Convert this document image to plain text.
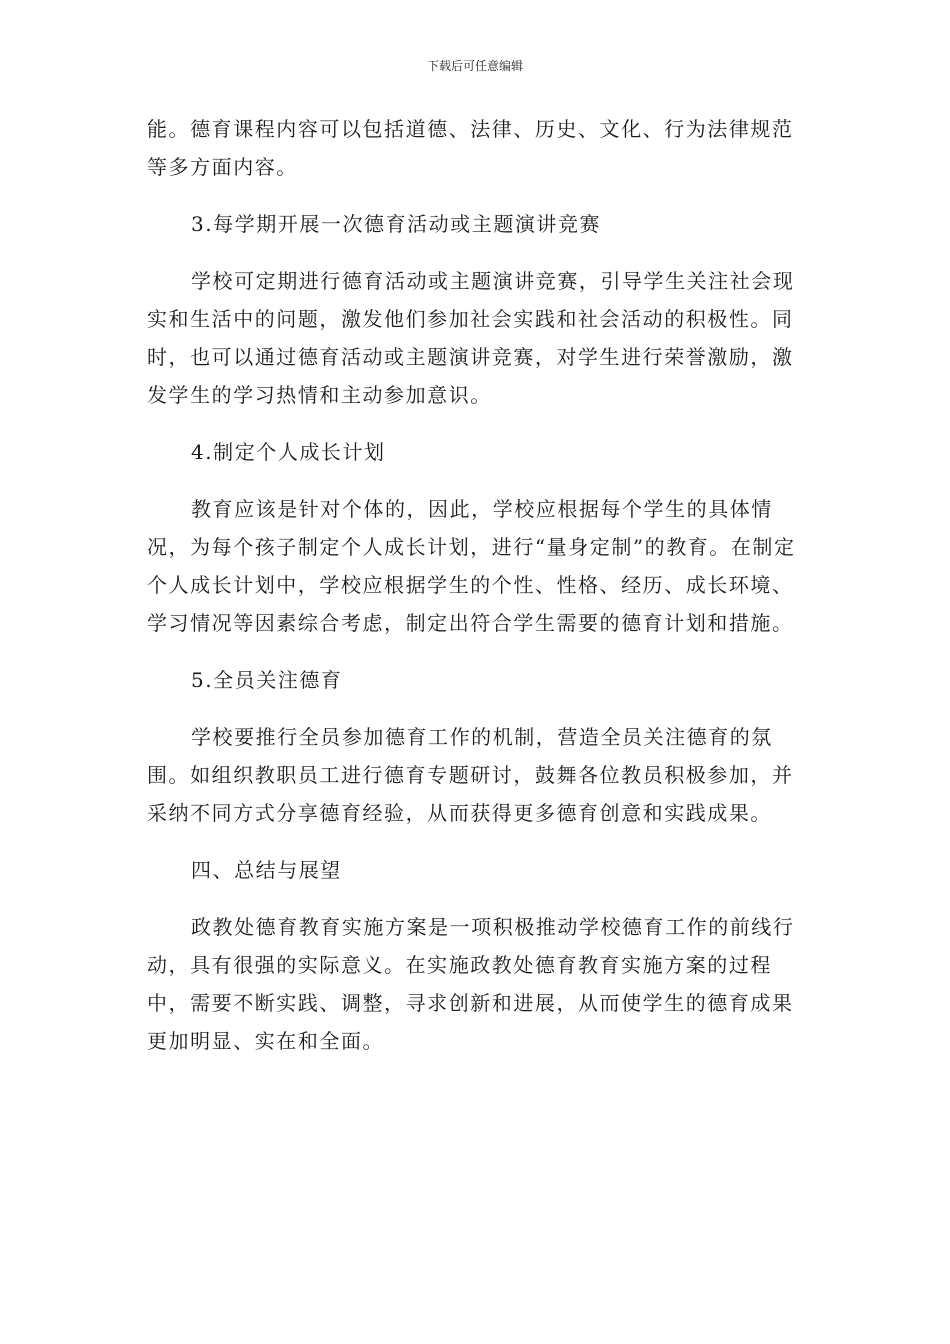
下载后可任意编辑

能。德育课程内容可以包括道德、法律、历史、文化、行为法律规范等多方面内容。

3.每学期开展一次德育活动或主题演讲竞赛

学校可定期进行德育活动或主题演讲竞赛，引导学生关注社会现实和生活中的问题，激发他们参加社会实践和社会活动的积极性。同时，也可以通过德育活动或主题演讲竞赛，对学生进行荣誉激励，激发学生的学习热情和主动参加意识。

4.制定个人成长计划

教育应该是针对个体的，因此，学校应根据每个学生的具体情况，为每个孩子制定个人成长计划，进行“量身定制”的教育。在制定个人成长计划中，学校应根据学生的个性、性格、经历、成长环境、学习情况等因素综合考虑，制定出符合学生需要的德育计划和措施。

5.全员关注德育

学校要推行全员参加德育工作的机制，营造全员关注德育的氛围。如组织教职员工进行德育专题研讨，鼓舞各位教员积极参加，并采纳不同方式分享德育经验，从而获得更多德育创意和实践成果。

四、总结与展望

政教处德育教育实施方案是一项积极推动学校德育工作的前线行动，具有很强的实际意义。在实施政教处德育教育实施方案的过程中，需要不断实践、调整，寻求创新和进展，从而使学生的德育成果更加明显、实在和全面。
